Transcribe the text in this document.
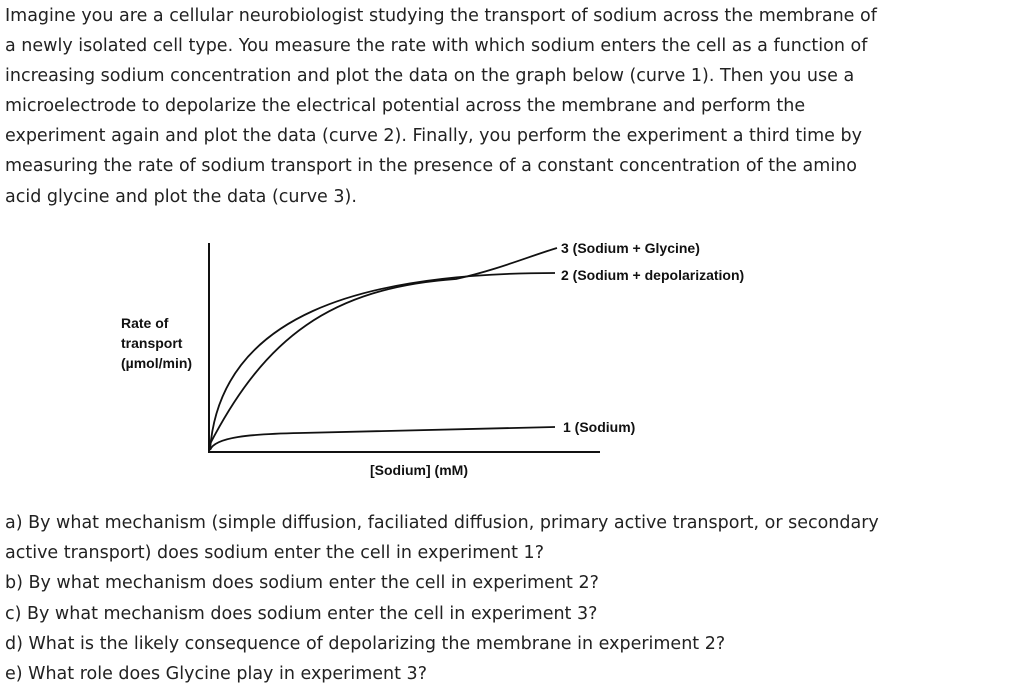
Imagine you are a cellular neurobiologist studying the transport of sodium across the membrane of

a newly isolated cell type. You measure the rate with which sodium enters the cell as a function of

increasing sodium concentration and plot the data on the graph below (curve 1). Then you use a

microelectrode to depolarize the electrical potential across the membrane and perform the

experiment again and plot the data (curve 2). Finally, you perform the experiment a third time by

measuring the rate of sodium transport in the presence of a constant concentration of the amino

acid glycine and plot the data (curve 3).

Rate of transport (µmol/min)
[Sodium] (mM)
3 (Sodium + Glycine)
2 (Sodium + depolarization)
1 (Sodium)

a) By what mechanism (simple diffusion, faciliated diffusion, primary active transport, or secondary

active transport) does sodium enter the cell in experiment 1?

b) By what mechanism does sodium enter the cell in experiment 2?

c) By what mechanism does sodium enter the cell in experiment 3?

d) What is the likely consequence of depolarizing the membrane in experiment 2?

e) What role does Glycine play in experiment 3?
